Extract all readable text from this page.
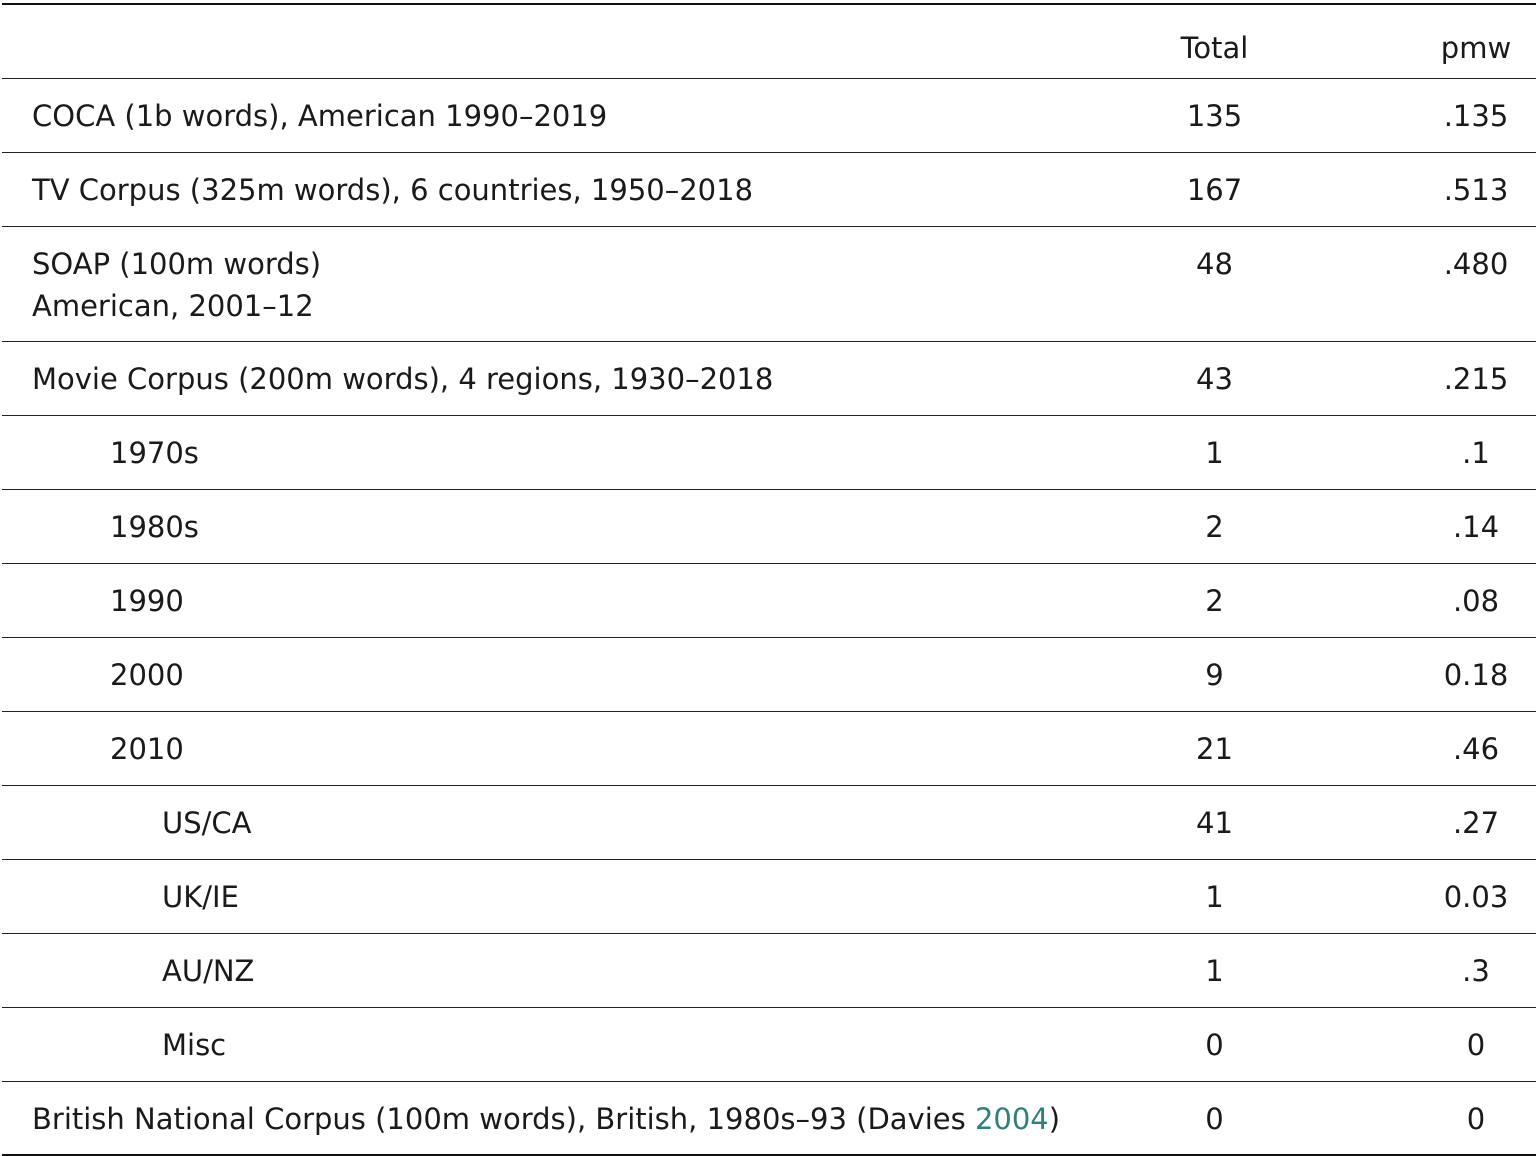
Total	pmw
COCA (1b words), American 1990–2019	135	.135
TV Corpus (325m words), 6 countries, 1950–2018	167	.513
SOAP (100m words)
American, 2001–12
48	.480
Movie Corpus (200m words), 4 regions, 1930–2018	43	.215
1970s	1	.1
1980s	2	.14
1990	2	.08
2000	9	0.18
2010	21	.46
US/CA	41	.27
UK/IE	1	0.03
AU/NZ	1	.3
Misc	0	0
British National Corpus (100m words), British, 1980s–93 (Davies 2004)	0	0
